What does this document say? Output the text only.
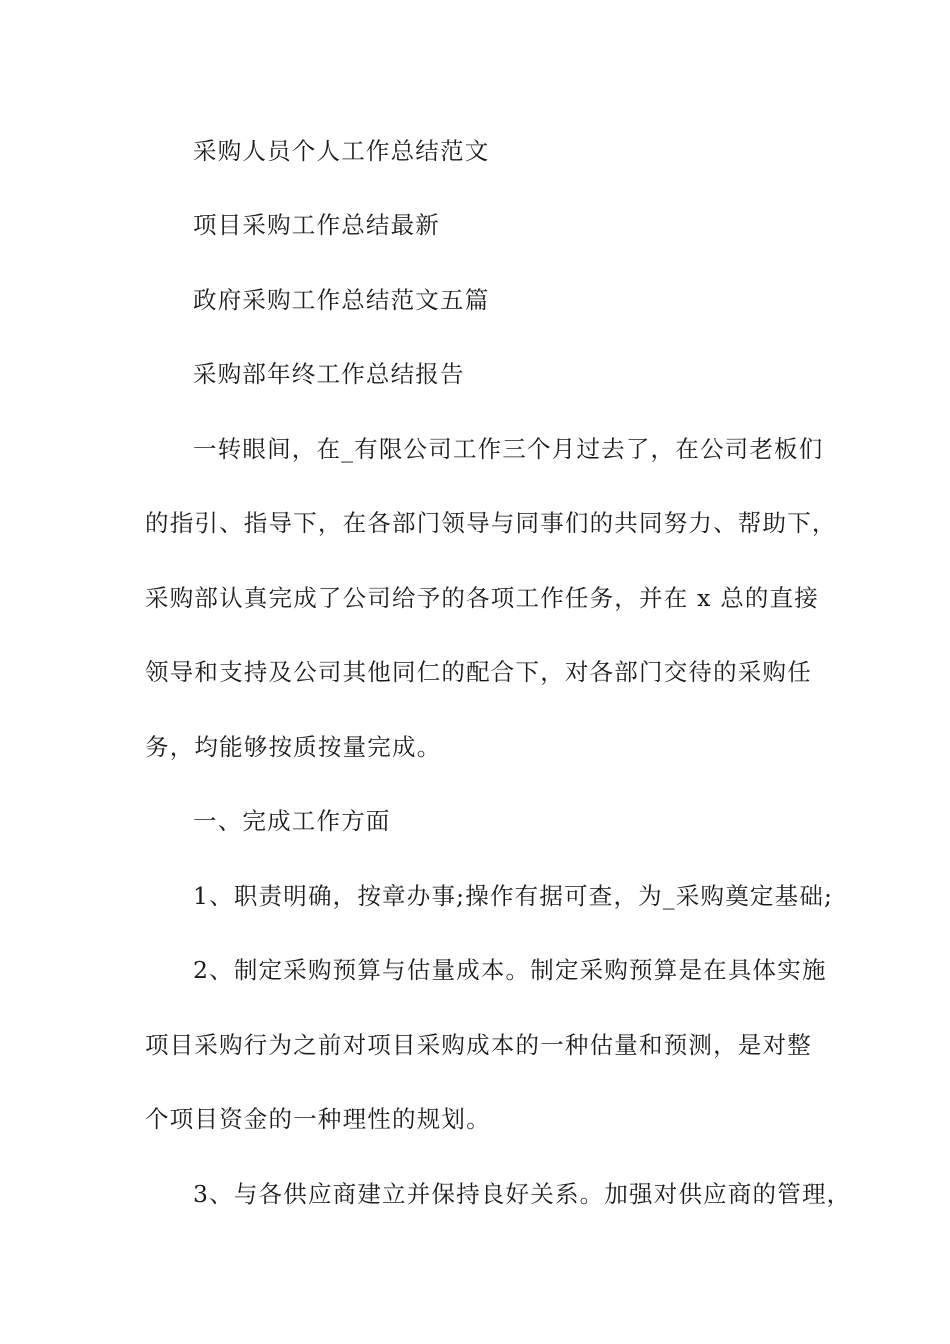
采购人员个人工作总结范文
项目采购工作总结最新
政府采购工作总结范文五篇
采购部年终工作总结报告
一转眼间，在_有限公司工作三个月过去了，在公司老板们
的指引、指导下，在各部门领导与同事们的共同努力、帮助下，
采购部认真完成了公司给予的各项工作任务，并在 x 总的直接
领导和支持及公司其他同仁的配合下，对各部门交待的采购任
务，均能够按质按量完成。
一、完成工作方面
1、职责明确，按章办事;操作有据可查，为_采购奠定基础;
2、制定采购预算与估量成本。制定采购预算是在具体实施
项目采购行为之前对项目采购成本的一种估量和预测，是对整
个项目资金的一种理性的规划。
3、与各供应商建立并保持良好关系。加强对供应商的管理，
